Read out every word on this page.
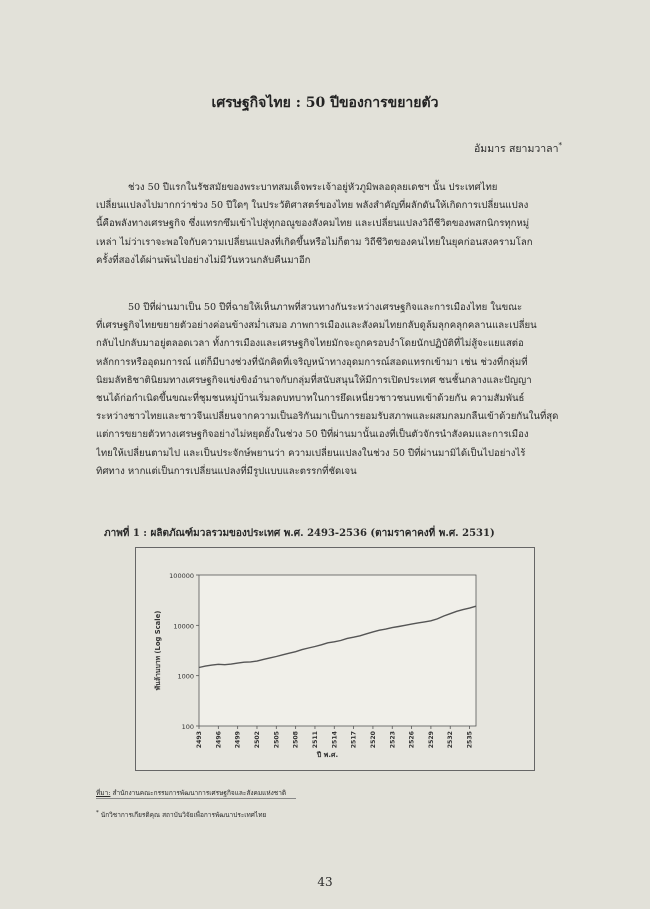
เศรษฐกิจไทย : 50 ปีของการขยายตัว
อัมมาร สยามวาลา*
ช่วง 50 ปีแรกในรัชสมัยของพระบาทสมเด็จพระเจ้าอยู่หัวภูมิพลอดุลยเดชฯ นั้น ประเทศไทย
เปลี่ยนแปลงไปมากกว่าช่วง 50 ปีใดๆ ในประวัติศาสตร์ของไทย พลังสำคัญที่ผลักดันให้เกิดการเปลี่ยนแปลง
นี้คือพลังทางเศรษฐกิจ ซึ่งแทรกซึมเข้าไปสู่ทุกอณูของสังคมไทย และเปลี่ยนแปลงวิถีชีวิตของพสกนิกรทุกหมู่
เหล่า ไม่ว่าเราจะพอใจกับความเปลี่ยนแปลงที่เกิดขึ้นหรือไม่ก็ตาม วิถีชีวิตของคนไทยในยุคก่อนสงครามโลก
ครั้งที่สองได้ผ่านพ้นไปอย่างไม่มีวันหวนกลับคืนมาอีก
50 ปีที่ผ่านมาเป็น 50 ปีที่ฉายให้เห็นภาพที่สวนทางกันระหว่างเศรษฐกิจและการเมืองไทย ในขณะ
ที่เศรษฐกิจไทยขยายตัวอย่างค่อนข้างสม่ำเสมอ ภาพการเมืองและสังคมไทยกลับดูล้มลุกคลุกคลานและเปลี่ยน
กลับไปกลับมาอยู่ตลอดเวลา ทั้งการเมืองและเศรษฐกิจไทยมักจะถูกครอบงำโดยนักปฏิบัติที่ไม่สู้จะแยแสต่อ
หลักการหรืออุดมการณ์ แต่ก็มีบางช่วงที่นักคิดที่เจริญหน้าทางอุดมการณ์สอดแทรกเข้ามา เช่น ช่วงที่กลุ่มที่
นิยมลัทธิชาตินิยมทางเศรษฐกิจแข่งขิงอำนาจกับกลุ่มที่สนับสนุนให้มีการเปิดประเทศ ชนชั้นกลางและปัญญา
ชนได้ก่อกำเนิดขึ้นขณะที่ชุมชนหมู่บ้านเริ่มลดบทบาทในการยึดเหนี่ยวชาวชนบทเข้าด้วยกัน ความสัมพันธ์
ระหว่างชาวไทยและชาวจีนเปลี่ยนจากความเป็นอริกันมาเป็นการยอมรับสภาพและผสมกลมกลืนเข้าด้วยกันในที่สุด
แต่การขยายตัวทางเศรษฐกิจอย่างไม่หยุดยั้งในช่วง 50 ปีที่ผ่านมานั้นเองที่เป็นตัวจักรนำสังคมและการเมือง
ไทยให้เปลี่ยนตามไป และเป็นประจักษ์พยานว่า ความเปลี่ยนแปลงในช่วง 50 ปีที่ผ่านมามิได้เป็นไปอย่างไร้
ทิศทาง หากแต่เป็นการเปลี่ยนแปลงที่มีรูปแบบและตรรกที่ชัดเจน
ภาพที่ 1 : ผลิตภัณฑ์มวลรวมของประเทศ พ.ศ. 2493-2536 (ตามราคาคงที่ พ.ศ. 2531)
100
1000
10000
100000
2493 2496 2499 2502 2505 2508 2511 2514 2517 2520 2523 2526 2529 2532 2535
พันล้านบาท (Log Scale)
ปี พ.ศ.
ที่มา: สำนักงานคณะกรรมการพัฒนาการเศรษฐกิจและสังคมแห่งชาติ
* นักวิชาการเกียรติคุณ สถาบันวิจัยเพื่อการพัฒนาประเทศไทย
43
